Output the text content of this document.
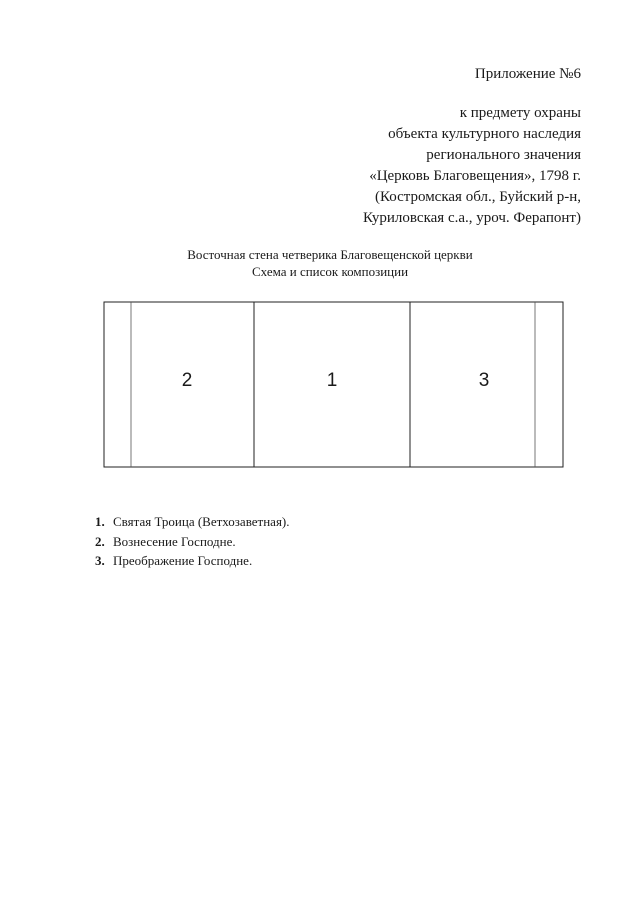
Приложение №6
к предмету охраны
объекта культурного наследия
регионального значения
«Церковь Благовещения», 1798 г.
(Костромская обл., Буйский р-н,
Куриловская с.а., уроч. Ферапонт)
Восточная стена четверика Благовещенской церкви
Схема и список композиции
2	1	3
1. Святая Троица (Ветхозаветная).
2. Вознесение Господне.
3. Преображение Господне.
